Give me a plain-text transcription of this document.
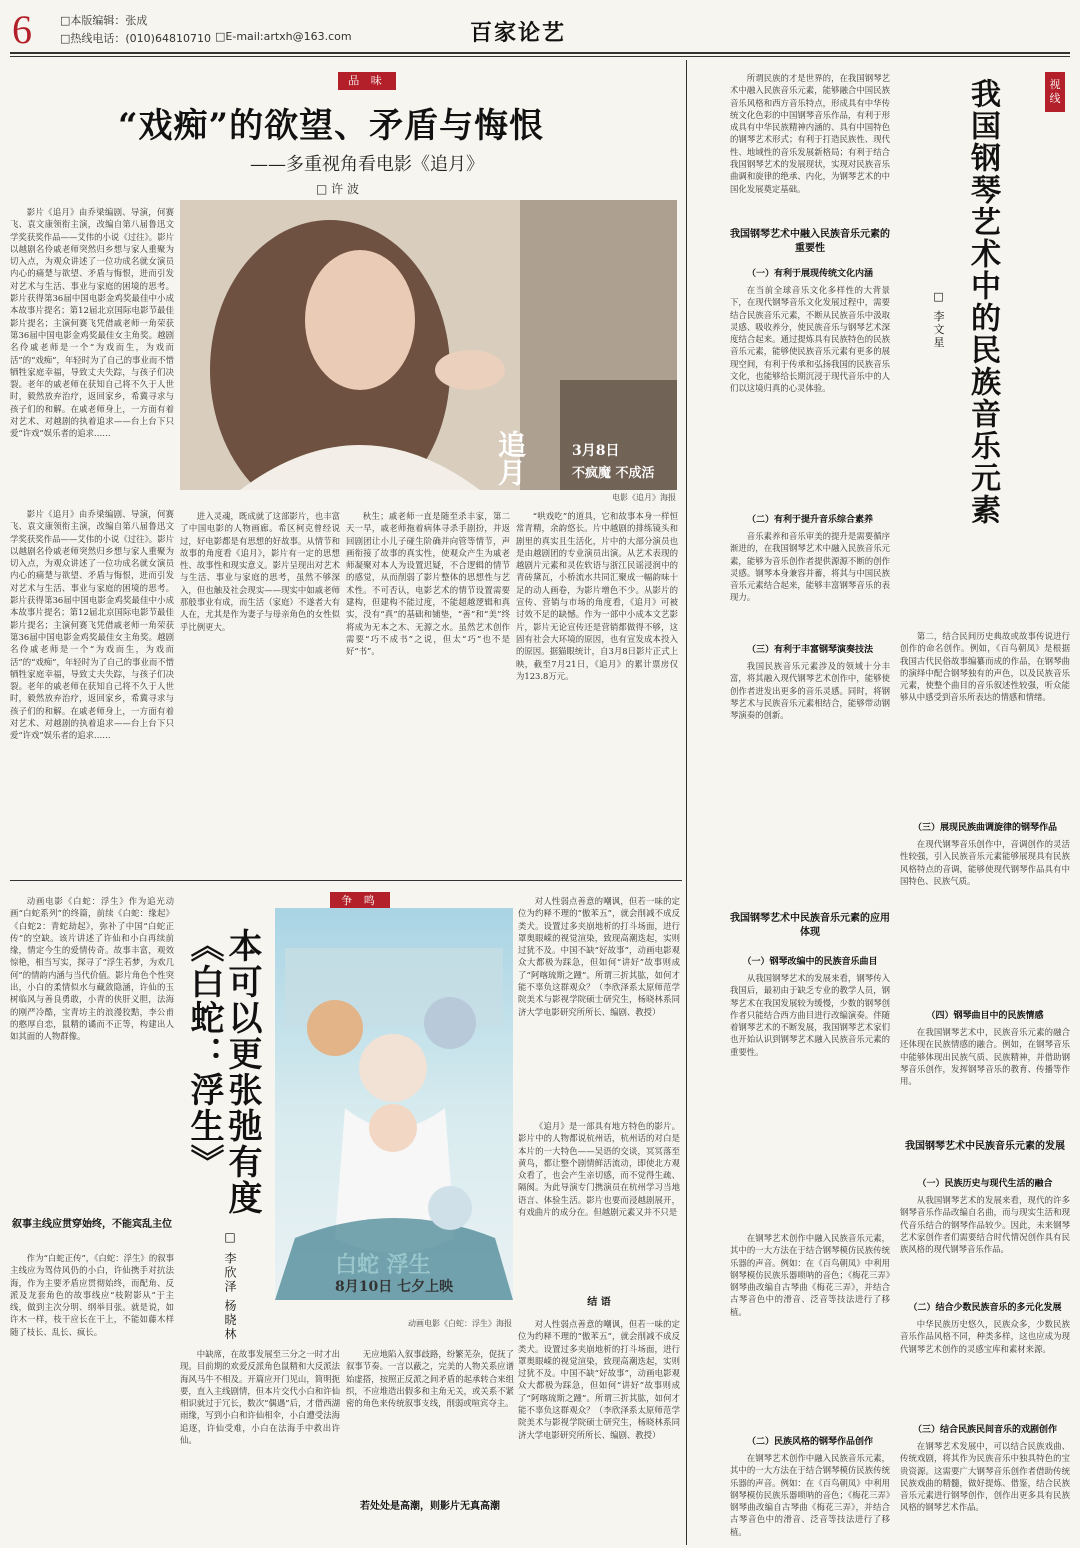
6	□本版编辑：张成
□热线电话：(010)64810710 □E-mail:artxh@163.com	百家论艺
品 味
“戏痴”的欲望、矛盾与悔恨
——多重视角看电影《追月》
□ 许 波
追月	3月8日
不疯魔 不成活
电影《追月》海报
影片《追月》由乔梁编剧、导演，何赛飞、袁文康领衔主演，改编自第八届鲁迅文学奖获奖作品——艾伟的小说《过往》。影片以越剧名伶戚老师突然归乡想与家人重聚为切入点，为观众讲述了一位功成名就女演员内心的痛楚与欲望、矛盾与悔恨，进而引发对艺术与生活、事业与家庭的困境的思考。影片获得第36届中国电影金鸡奖最佳中小成本故事片提名；第12届北京国际电影节最佳影片提名；主演何赛飞凭借戚老师一角荣获第36届中国电影金鸡奖最佳女主角奖。越剧名伶戚老师是一个“为戏而生，为戏而活”的“戏痴”，年轻时为了自己的事业而不惜牺牲家庭幸福，导致丈夫失踪，与孩子们决裂。老年的戚老师在获知自己将不久于人世时，毅然放弃治疗，返回家乡，希冀寻求与孩子们的和解。在戚老师身上，一方面有着对艺术、对越剧的执着追求——台上台下只爱“许戏”娱乐者的追求……
影片《追月》由乔梁编剧、导演，何赛飞、袁文康领衔主演，改编自第八届鲁迅文学奖获奖作品——艾伟的小说《过往》。影片以越剧名伶戚老师突然归乡想与家人重聚为切入点，为观众讲述了一位功成名就女演员内心的痛楚与欲望、矛盾与悔恨，进而引发对艺术与生活、事业与家庭的困境的思考。影片获得第36届中国电影金鸡奖最佳中小成本故事片提名；第12届北京国际电影节最佳影片提名；主演何赛飞凭借戚老师一角荣获第36届中国电影金鸡奖最佳女主角奖。越剧名伶戚老师是一个“为戏而生，为戏而活”的“戏痴”，年轻时为了自己的事业而不惜牺牲家庭幸福，导致丈夫失踪，与孩子们决裂。老年的戚老师在获知自己将不久于人世时，毅然放弃治疗，返回家乡，希冀寻求与孩子们的和解。在戚老师身上，一方面有着对艺术、对越剧的执着追求——台上台下只爱“许戏”娱乐者的追求……
进入灵魂，既成就了这部影片，也丰富了中国电影的人物画廊。希区柯克曾经说过，好电影都是有思想的好故事。从情节和故事的角度看《追月》，影片有一定的思想性、故事性和现实意义。影片呈现出对艺术与生活、事业与家庭的思考，虽然不够深入，但也触及社会现实——现实中如戚老师那般事业有成，而生活（家庭）不遂者大有人在，尤其是作为妻子与母亲角色的女性似乎比例更大。
秋生；戚老师一直是随至杀丰家，第二天一早，戚老师拖着病体寻杀手剧扮，并返回剧团让小儿子碰生阶确并向管等情节，声画衔接了故事的真实性，使观众产生为戚老师凝聚对本人为设置迟疑，不合逻辑的情节的感觉，从而削弱了影片整体的思想性与艺术性。不可否认，电影艺术的情节设置需要建构，但建构不能过度，不能超越逻辑和真实，没有“真”的基础和铺垫，“善”和“美”终将成为无本之木、无源之水。虽然艺术创作需要“巧不成书”之说，但太“巧”也不是好“书”。
“哄戏吃”的道具，它和故事本身一样恒常青精，余韵悠长。片中越剧的排练镜头和剧里的真实且生活化，片中的大部分演员也是由越剧团的专业演员出演。从艺术表现的越剧片元素和灵佐软语与浙江民谣浸润中的青砖黛瓦，小桥流水共同汇聚成一幅韵味十足的动人画卷，为影片增色不少。从影片的宣传、营销与市场的角度看，《追月》可被讨效不足的缺憾。作为一部中小成本文艺影片，影片无论宣传还是营销都做得不够，这固有社会大环境的原因，也有宣发成本投入的原因。据猫眼统计，自3月8日影片正式上映，截至7月21日，《追月》的累计票房仅为123.8万元。
争 鸣
动画电影《白蛇：浮生》作为追光动画“白蛇系列”的终篇，前续《白蛇：缘起》《白蛇2：青蛇劫起》，弥补了中国“白蛇正传”的空缺。该片讲述了许仙和小白再续前缘，情定今生的爱情传奇。故事丰富，观效惊艳，相当写实，探寻了“浮生若梦，为欢几何”的情韵内涵与当代价值。影片角色个性突出，小白的柔情似水与藏敛隐涵，许仙的玉树临风与善良勇敢，小青的侠肝义胆，法海的刚严冷酷，宝青坊主的浪漫狡黠，李公甫的憨厚自恋，鼠精的谲而不正等，构建出人如其面的人物群像。	本可以更张弛有度
《白蛇：浮生》
□ 李欣泽 杨晓林	白蛇 浮生
8月10日 七夕上映
动画电影《白蛇：浮生》海报
对人性弱点善意的嘲讽，但若一味的定位为约释不理的“傲苯五”，就会削减不成反类犬。设置过多夹崩地析的打斗场面，进行罩奥眼嵘的视觉渲染，致现高潮迭起，实则过犹不及。中国不缺“好故事”，动画电影观众大都极为踩急，但如何“讲好”故事则成了“阿喀琉斯之踵”。所谓三折其肱，如何才能不辜负这群观众？（李欣泽系太原师范学院美术与影视学院硕士研究生，杨晓林系同济大学电影研究所所长、编剧、教授）
叙事主线应贯穿始终，不能宾乱主位
作为“白蛇正传”，《白蛇：浮生》的叙事主线应为驾侍风仍的小白，许仙携手对抗法海，作为主要矛盾应贯彻始终，而配角、反派及龙套角色的故事线应“枝附影从”于主线，做到主次分明、纲举目张。就是说，如许木一样，枝干应长在干上，不能如藤木样随了枝长、乱长、疯长。
中缺席，在故事发展至三分之一时才出现。目前期的欢爱反派角色鼠精和大反派法海风马牛不相及。开篇应开门见山，简明扼要，直入主线剧情，但本片交代小白和许仙相识就过于冗长，数次“偶遇”后，才借西湖雨缘，写到小白和许仙相伞，小白遭受法海追逐，许仙受难，小白在法海手中救出许仙。
无应地陷入叙事歧路，纷繁芜杂，促抚了叙事节奏。一言以蔽之，完美的人物关系应谱始虚搭，按照正反派之间矛盾的起承转合来组织，不应堆造出假多和主角无关，或关系不紧密的角色来传统叙事支线，削弱或喧宾夺主。
若处处是高潮，则影片无真高潮
《追月》是一部具有地方特色的影片。影片中的人物都说杭州话，杭州话的对白是本片的一大特色——吴语的交谈，冥冥落至黄鸟，都让整个剧情鲜活流动，即使北方观众看了，也会产生亲切感，而不觉得生疏、隔阂。为此导演专门携演员在杭州学习当地语言、体验生活。影片也要而浸越剧展开，有戏曲片的成分在。但越剧元素又并不只是
结 语
对人性弱点善意的嘲讽，但若一味的定位为约释不理的“傲苯五”，就会削减不成反类犬。设置过多夹崩地析的打斗场面，进行罩奥眼嵘的视觉渲染，致现高潮迭起，实则过犹不及。中国不缺“好故事”，动画电影观众大都极为踩急，但如何“讲好”故事则成了“阿喀琉斯之踵”。所谓三折其肱，如何才能不辜负这群观众？（李欣泽系太原师范学院美术与影视学院硕士研究生，杨晓林系同济大学电影研究所所长、编剧、教授）
所谓民族的才是世界的，在我国钢琴艺术中融入民族音乐元素，能够融合中国民族音乐风格和西方音乐特点，形成具有中华传统文化色彩的中国钢琴音乐作品，有利于形成具有中华民族精神内涵的、具有中国特色的钢琴艺术形式；有利于打造民族性、现代性、地域性的音乐发展新格局；有利于结合我国钢琴艺术的发展现状，实现对民族音乐曲调和旋律的绝承、内化，为钢琴艺术的中国化发展奠定基础。
视 线
我国钢琴艺术中的民族音乐元素
□ 李文星
我国钢琴艺术中融入民族音乐元素的重要性
（一）有利于展现传统文化内涵
在当前全球音乐文化多样性的大背景下，在现代钢琴音乐文化发展过程中，需要结合民族音乐元素，不断从民族音乐中汲取灵感、吸收养分，使民族音乐与钢琴艺术深度结合起来。通过提炼具有民族特色的民族音乐元素，能够使民族音乐元素有更多的展现空间，有利于传承和弘扬我国的民族音乐文化，也能够给长期沉浸于现代音乐中的人们以这境归真的心灵体验。
（二）有利于提升音乐综合素养
音乐素养和音乐审美的提升是需要循序渐进的，在我国钢琴艺术中融入民族音乐元素，能够为音乐创作者提供源源不断的创作灵感。钢琴本身兼容并蓄，将其与中国民族音乐元素结合起来，能够丰富钢琴音乐的表现力。
（三）有利于丰富钢琴演奏技法
我国民族音乐元素涉及的领域十分丰富，将其融入现代钢琴艺术创作中，能够使创作者进发出更多的音乐灵感。同时，将钢琴艺术与民族音乐元素相结合，能够带动钢琴演奏的创新。
我国钢琴艺术中民族音乐元素的应用体现
（一）钢琴改编中的民族音乐曲目
从我国钢琴艺术的发展来看，钢琴传入我国后，最初由于缺乏专业的教学人员，钢琴艺术在我国发展较为缓慢，少数的钢琴创作者只能结合西方曲目进行改编演奏。伴随着钢琴艺术的不断发展，我国钢琴艺术家们也开始认识到钢琴艺术融入民族音乐元素的重要性。
在钢琴艺术创作中融入民族音乐元素，其中的一大方法在于结合钢琴模仿民族传统乐器的声音。例如：在《百鸟朝凤》中利用钢琴模仿民族乐器唢呐的音色；《梅花三弄》钢琴曲改编自古琴曲《梅花三弄》，并结合古琴音色中的滑音、泛音等技法进行了移植。
（二）民族风格的钢琴作品创作
在钢琴艺术创作中融入民族音乐元素，其中的一大方法在于结合钢琴模仿民族传统乐器的声音。例如：在《百鸟朝凤》中利用钢琴模仿民族乐器唢呐的音色；《梅花三弄》钢琴曲改编自古琴曲《梅花三弄》，并结合古琴音色中的滑音、泛音等技法进行了移植。
第二，结合民间历史典故或故事传说进行创作的命名创作。例如，《百鸟朝凤》是根据我国古代民俗故事编纂而成的作品，在钢琴曲的演绎中配合钢琴独有的声色，以及民族音乐元素，使整个曲目的音乐叙述性较强，听众能够从中感受到音乐所表达的情感和情绪。
（三）展现民族曲调旋律的钢琴作品
在现代钢琴音乐创作中，音调创作的灵活性较强，引入民族音乐元素能够展现具有民族风格特点的音调，能够使现代钢琴作品具有中国特色、民族气质。
（四）钢琴曲目中的民族情感
在我国钢琴艺术中，民族音乐元素的融合还体现在民族情感的融合。例如，在钢琴音乐中能够体现出民族气质、民族精神，并借助钢琴音乐创作，发挥钢琴音乐的教育、传播等作用。
我国钢琴艺术中民族音乐元素的发展
（一）民族历史与现代生活的融合
从我国钢琴艺术的发展来看，现代的许多钢琴音乐作品改编自名曲，而与现实生活和现代音乐结合的钢琴作品较少。因此，未来钢琴艺术家创作者们需要结合时代情况创作具有民族风格的现代钢琴音乐作品。
（二）结合少数民族音乐的多元化发展
中华民族历史悠久，民族众多，少数民族音乐作品风格不同，种类多样，这也应成为现代钢琴艺术创作的灵感宝库和素材来源。
（三）结合民族民间音乐的戏剧创作
在钢琴艺术发展中，可以结合民族戏曲、传统戏剧，将其作为民族音乐中独具特色的宝贵资源。这需要广大钢琴音乐创作者借助传统民族戏曲的精髓，做好提炼、借鉴，结合民族音乐元素进行钢琴创作，创作出更多具有民族风格的钢琴艺术作品。
